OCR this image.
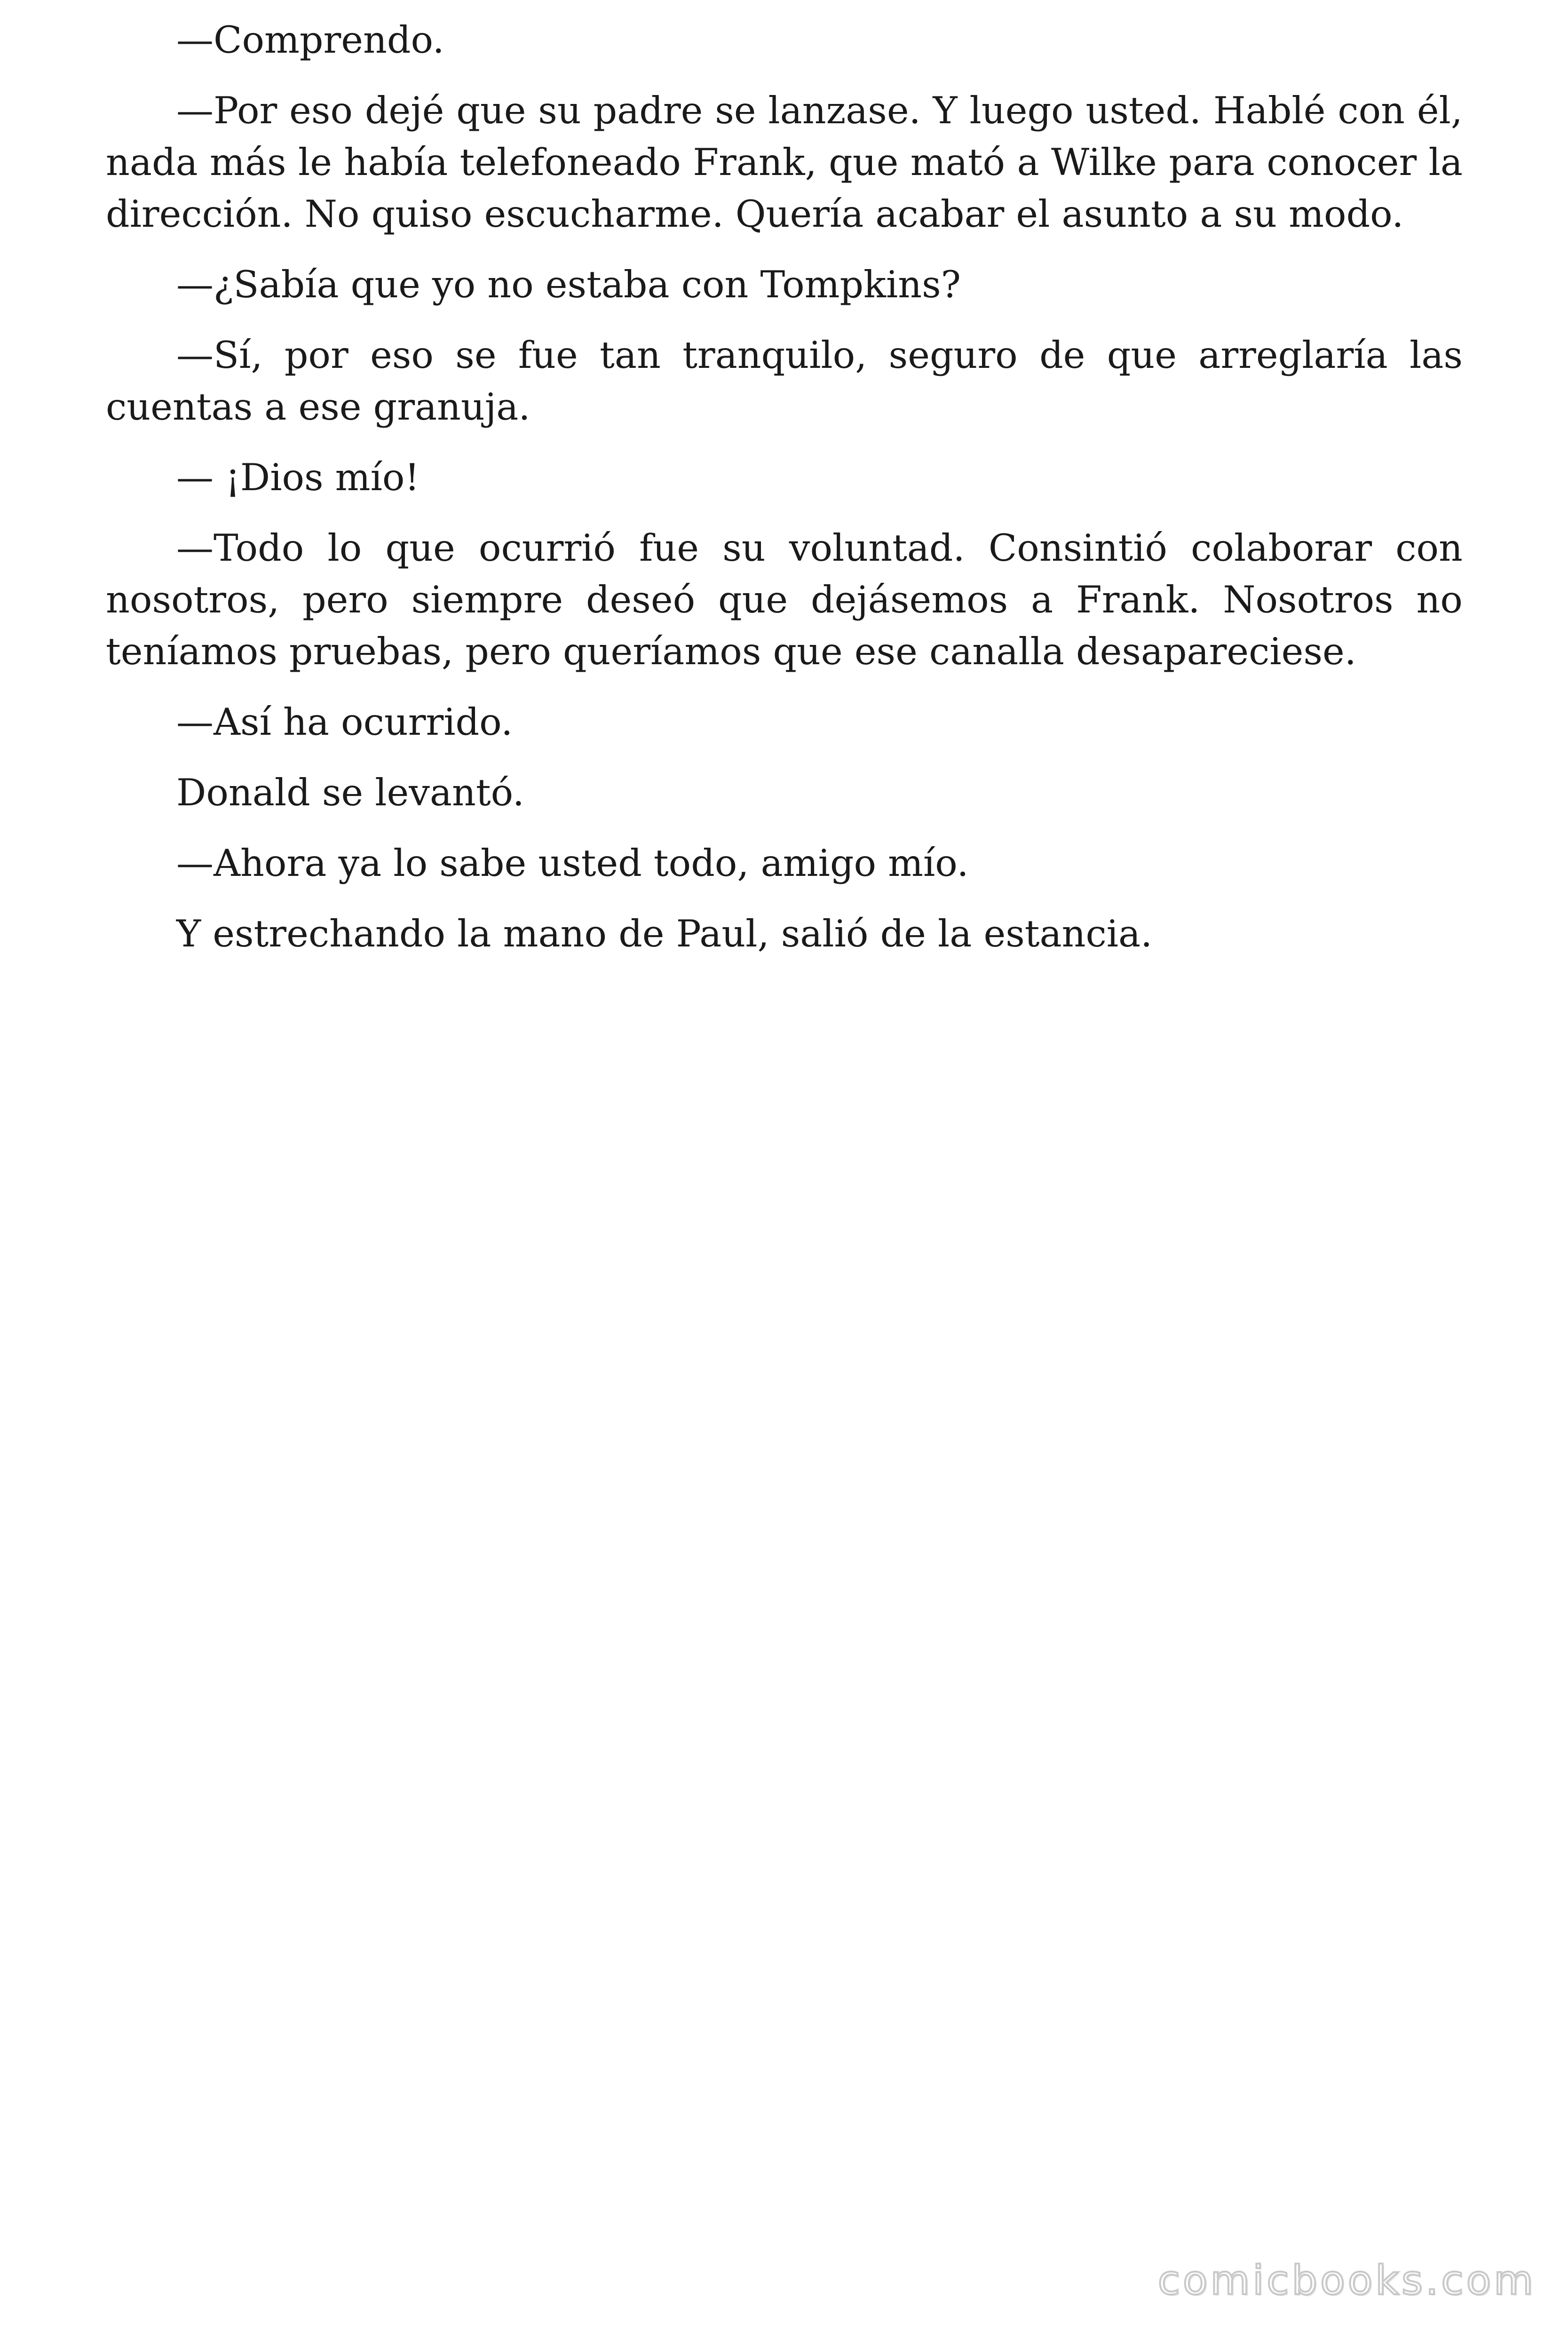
—Comprendo.

—Por eso dejé que su padre se lanzase. Y luego usted. Hablé con él, nada más le había telefoneado Frank, que mató a Wilke para conocer la dirección. No quiso escucharme. Quería acabar el asunto a su modo.

—¿Sabía que yo no estaba con Tompkins?

—Sí, por eso se fue tan tranquilo, seguro de que arreglaría las cuentas a ese granuja.

— ¡Dios mío!

—Todo lo que ocurrió fue su voluntad. Consintió colaborar con nosotros, pero siempre deseó que dejásemos a Frank. Nosotros no teníamos pruebas, pero queríamos que ese canalla desapareciese.

—Así ha ocurrido.

Donald se levantó.

—Ahora ya lo sabe usted todo, amigo mío.

Y estrechando la mano de Paul, salió de la estancia.

comicbooks.com
